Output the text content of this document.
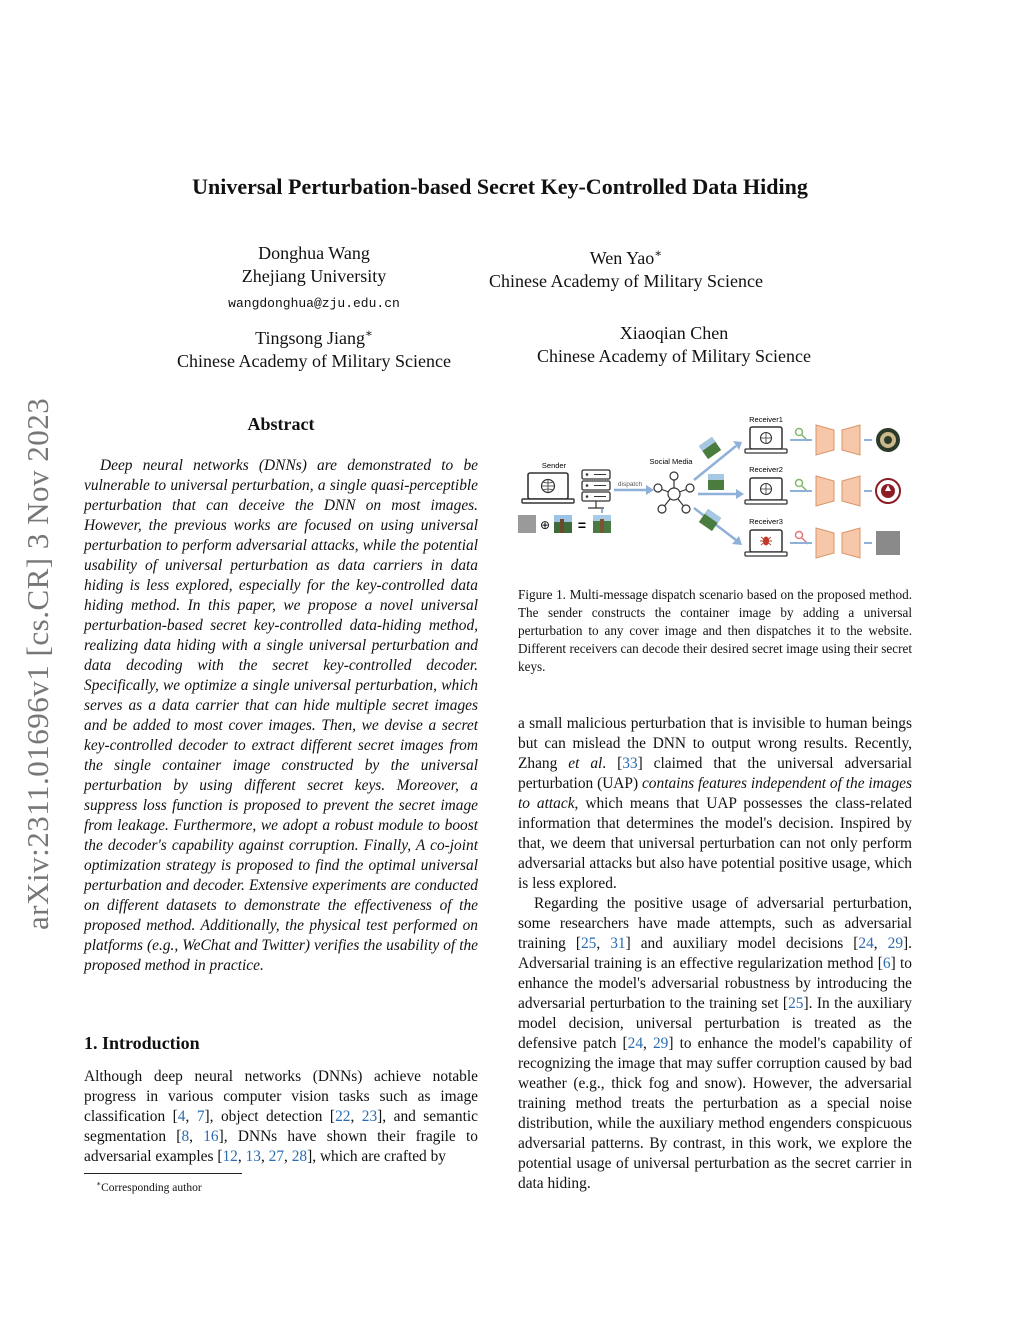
arXiv:2311.01696v1 [cs.CR] 3 Nov 2023
Universal Perturbation-based Secret Key-Controlled Data Hiding
Donghua Wang
Zhejiang University
wangdonghua@zju.edu.cn
Wen Yao∗
Chinese Academy of Military Science
Tingsong Jiang∗
Chinese Academy of Military Science
Xiaoqian Chen
Chinese Academy of Military Science
Abstract

Deep neural networks (DNNs) are demonstrated to be vulnerable to universal perturbation, a single quasi-perceptible perturbation that can deceive the DNN on most images. However, the previous works are focused on using universal perturbation to perform adversarial attacks, while the potential usability of universal perturbation as data carriers in data hiding is less explored, especially for the key-controlled data hiding method. In this paper, we propose a novel universal perturbation-based secret key-controlled data-hiding method, realizing data hiding with a single universal perturbation and data decoding with the secret key-controlled decoder. Specifically, we optimize a single universal perturbation, which serves as a data carrier that can hide multiple secret images and be added to most cover images. Then, we devise a secret key-controlled decoder to extract different secret images from the single container image constructed by the universal perturbation by using different secret keys. Moreover, a suppress loss function is proposed to prevent the secret image from leakage. Furthermore, we adopt a robust module to boost the decoder's capability against corruption. Finally, A co-joint optimization strategy is proposed to find the optimal universal perturbation and decoder. Extensive experiments are conducted on different datasets to demonstrate the effectiveness of the proposed method. Additionally, the physical test performed on platforms (e.g., WeChat and Twitter) verifies the usability of the proposed method in practice.

1. Introduction

Although deep neural networks (DNNs) achieve notable progress in various computer vision tasks such as image classification [4, 7], object detection [22, 23], and semantic segmentation [8, 16], DNNs have shown their fragile to adversarial examples [12, 13, 27, 28], which are crafted by

∗Corresponding author
Sender
⊕ =
dispatch
Social Media
Receiver1
Receiver2
Receiver3
Figure 1. Multi-message dispatch scenario based on the proposed method. The sender constructs the container image by adding a universal perturbation to any cover image and then dispatches it to the website. Different receivers can decode their desired secret image using their secret keys.

a small malicious perturbation that is invisible to human beings but can mislead the DNN to output wrong results. Recently, Zhang et al. [33] claimed that the universal adversarial perturbation (UAP) contains features independent of the images to attack, which means that UAP possesses the class-related information that determines the model's decision. Inspired by that, we deem that universal perturbation can not only perform adversarial attacks but also have potential positive usage, which is less explored.

Regarding the positive usage of adversarial perturbation, some researchers have made attempts, such as adversarial training [25, 31] and auxiliary model decisions [24, 29]. Adversarial training is an effective regularization method [6] to enhance the model's adversarial robustness by introducing the adversarial perturbation to the training set [25]. In the auxiliary model decision, universal perturbation is treated as the defensive patch [24, 29] to enhance the model's capability of recognizing the image that may suffer corruption caused by bad weather (e.g., thick fog and snow). However, the adversarial training method treats the perturbation as a special noise distribution, while the auxiliary method engenders conspicuous adversarial patterns. By contrast, in this work, we explore the potential usage of universal perturbation as the secret carrier in data hiding.
